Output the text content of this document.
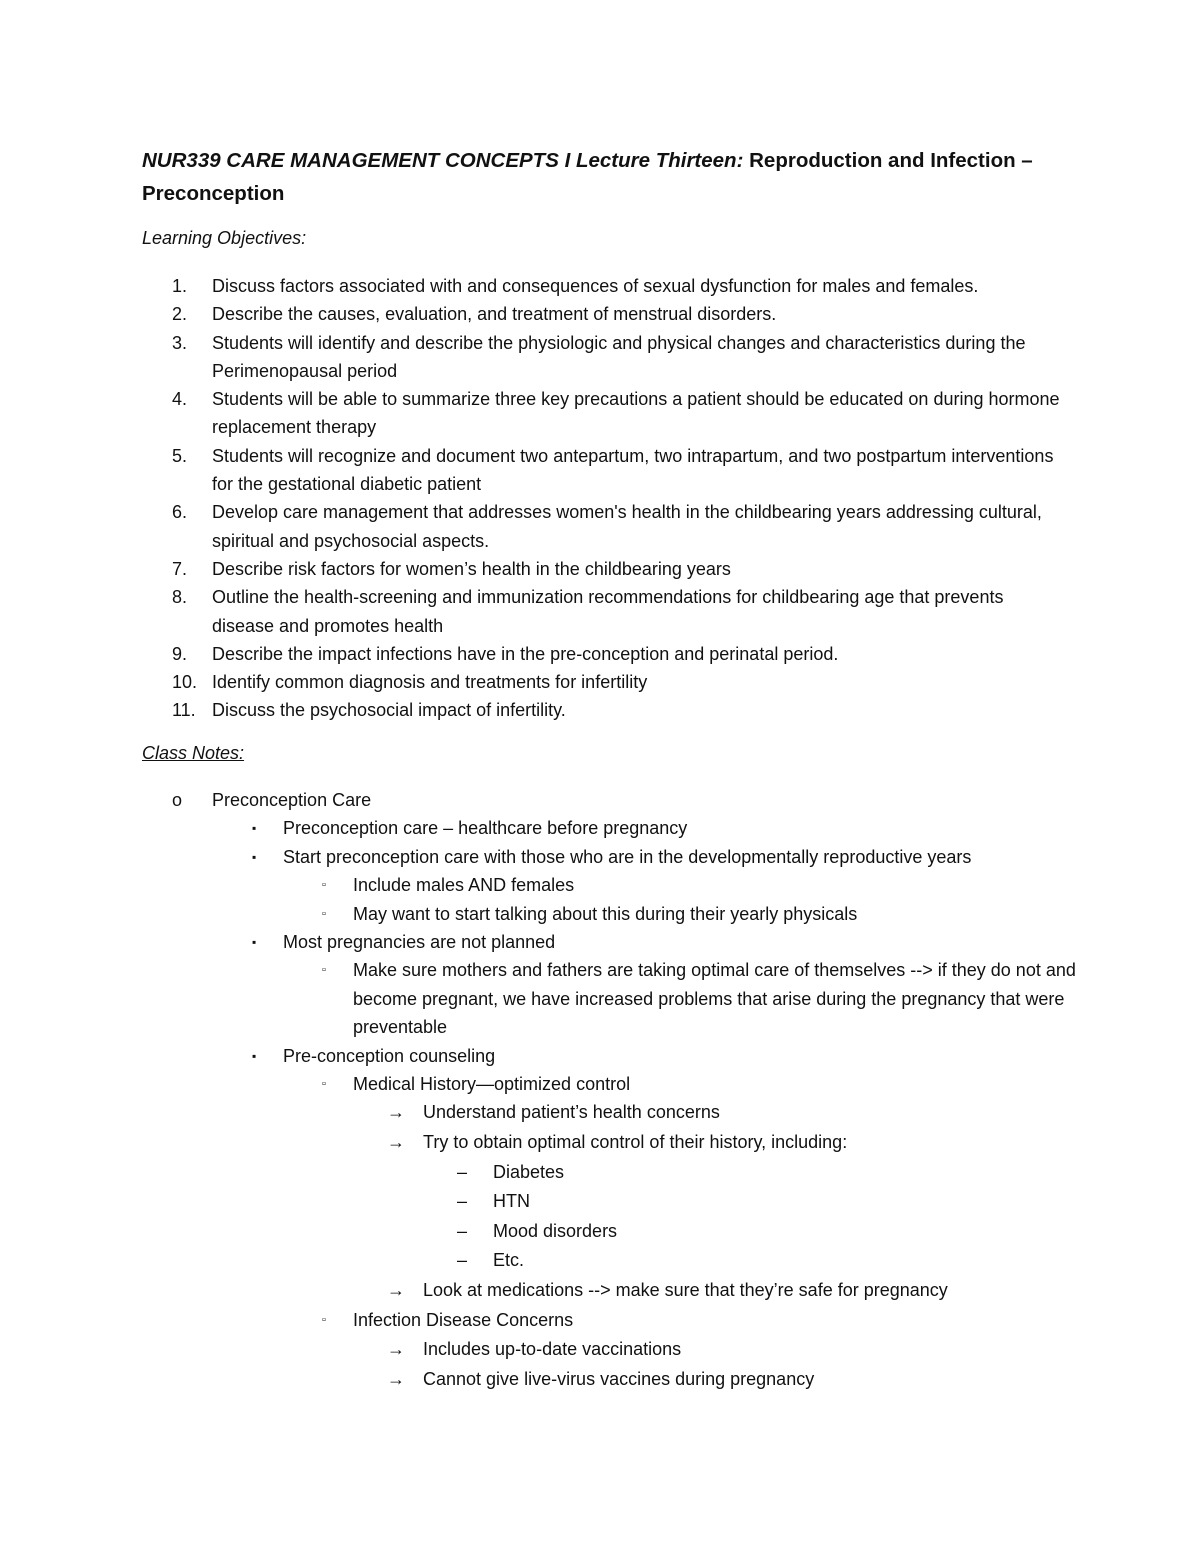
NUR339 CARE MANAGEMENT CONCEPTS I Lecture Thirteen: Reproduction and Infection – Preconception

Learning Objectives:

1. Discuss factors associated with and consequences of sexual dysfunction for males and females.
2. Describe the causes, evaluation, and treatment of menstrual disorders.
3. Students will identify and describe the physiologic and physical changes and characteristics during the Perimenopausal period
4. Students will be able to summarize three key precautions a patient should be educated on during hormone replacement therapy
5. Students will recognize and document two antepartum, two intrapartum, and two postpartum interventions for the gestational diabetic patient
6. Develop care management that addresses women's health in the childbearing years addressing cultural, spiritual and psychosocial aspects.
7. Describe risk factors for women’s health in the childbearing years
8. Outline the health-screening and immunization recommendations for childbearing age that prevents disease and promotes health
9. Describe the impact infections have in the pre-conception and perinatal period.
10. Identify common diagnosis and treatments for infertility
11. Discuss the psychosocial impact of infertility.

Class Notes:

o Preconception Care
▪ Preconception care – healthcare before pregnancy
▪ Start preconception care with those who are in the developmentally reproductive years
▫ Include males AND females
▫ May want to start talking about this during their yearly physicals
▪ Most pregnancies are not planned
▫ Make sure mothers and fathers are taking optimal care of themselves --> if they do not and become pregnant, we have increased problems that arise during the pregnancy that were preventable
▪ Pre-conception counseling
▫ Medical History—optimized control
→ Understand patient’s health concerns
→ Try to obtain optimal control of their history, including:
– Diabetes
– HTN
– Mood disorders
– Etc.
→ Look at medications --> make sure that they’re safe for pregnancy
▫ Infection Disease Concerns
→ Includes up-to-date vaccinations
→ Cannot give live-virus vaccines during pregnancy
